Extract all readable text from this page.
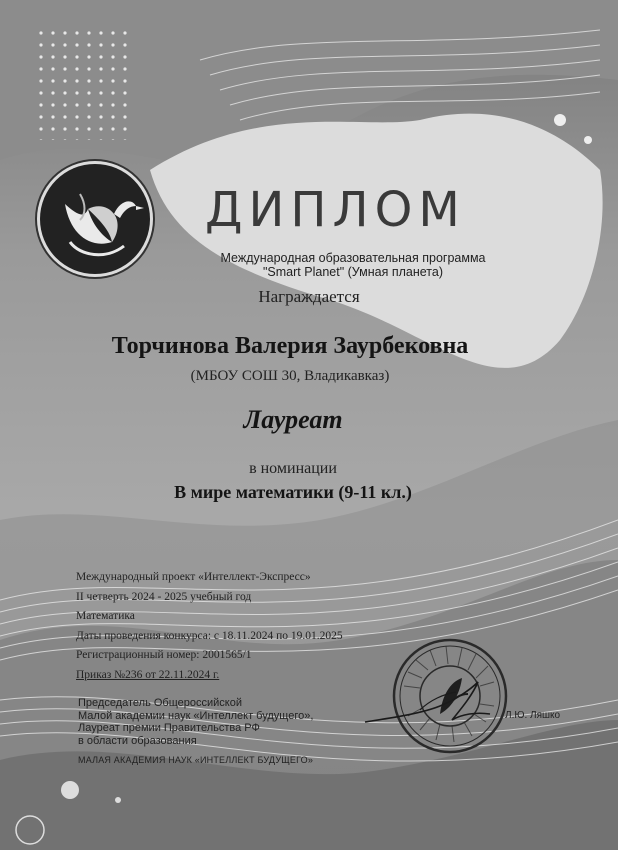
ДИПЛОМ
Международная образовательная программа
"Smart Planet" (Умная планета)
Награждается
Торчинова Валерия Заурбековна
(МБОУ СОШ 30, Владикавказ)
Лауреат
в номинации
В мире математики (9-11 кл.)
Международный проект «Интеллект-Экспресс»
II четверть 2024 - 2025 учебный год
Математика
Даты проведения конкурса: с 18.11.2024 по 19.01.2025
Регистрационный номер: 2001565/1
Приказ №236 от 22.11.2024 г.
Председатель Общероссийской
Малой академии наук «Интеллект будущего»,
Лауреат премии Правительства РФ
в области образования
МАЛАЯ АКАДЕМИЯ НАУК «ИНТЕЛЛЕКТ БУДУЩЕГО»
Л.Ю. Ляшко
